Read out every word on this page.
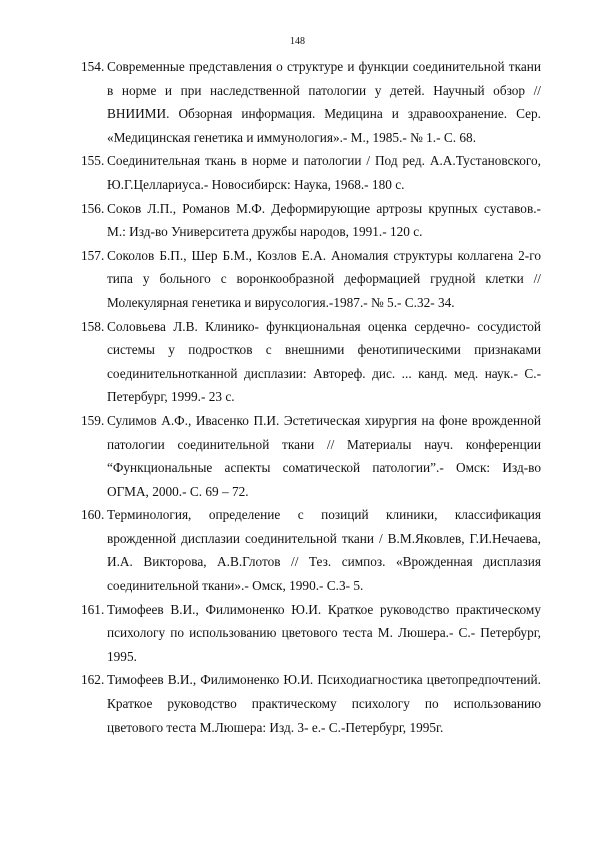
148
154. Современные представления о структуре и функции соединительной ткани в норме и при наследственной патологии у детей. Научный обзор // ВНИИМИ. Обзорная информация. Медицина и здравоохранение. Сер. «Медицинская генетика и иммунология».- М., 1985.- № 1.- С. 68.
155. Соединительная ткань в норме и патологии / Под ред. А.А.Тустановского, Ю.Г.Целлариуса.- Новосибирск: Наука, 1968.- 180 с.
156. Соков Л.П., Романов М.Ф. Деформирующие артрозы крупных суставов.- М.: Изд-во Университета дружбы народов, 1991.- 120 с.
157. Соколов Б.П., Шер Б.М., Козлов Е.А. Аномалия структуры коллагена 2-го типа у больного с воронкообразной деформацией грудной клетки // Молекулярная генетика и вирусология.-1987.- № 5.- С.32- 34.
158. Соловьева Л.В. Клинико- функциональная оценка сердечно- сосудистой системы у подростков с внешними фенотипическими признаками соединительнотканной дисплазии: Автореф. дис. ... канд. мед. наук.- С.-Петербург, 1999.- 23 с.
159. Сулимов А.Ф., Ивасенко П.И. Эстетическая хирургия на фоне врожденной патологии соединительной ткани // Материалы науч. конференции “Функциональные аспекты соматической патологии”.- Омск: Изд-во ОГМА, 2000.- С. 69 – 72.
160. Терминология, определение с позиций клиники, классификация врожденной дисплазии соединительной ткани / В.М.Яковлев, Г.И.Нечаева, И.А. Викторова, А.В.Глотов // Тез. симпоз. «Врожденная дисплазия соединительной ткани».- Омск, 1990.- С.3- 5.
161. Тимофеев В.И., Филимоненко Ю.И. Краткое руководство практическому психологу по использованию цветового теста М. Люшера.- С.- Петербург, 1995.
162. Тимофеев В.И., Филимоненко Ю.И. Психодиагностика цветопредпочтений. Краткое руководство практическому психологу по использованию цветового теста М.Люшера: Изд. 3- е.- С.-Петербург, 1995г.
